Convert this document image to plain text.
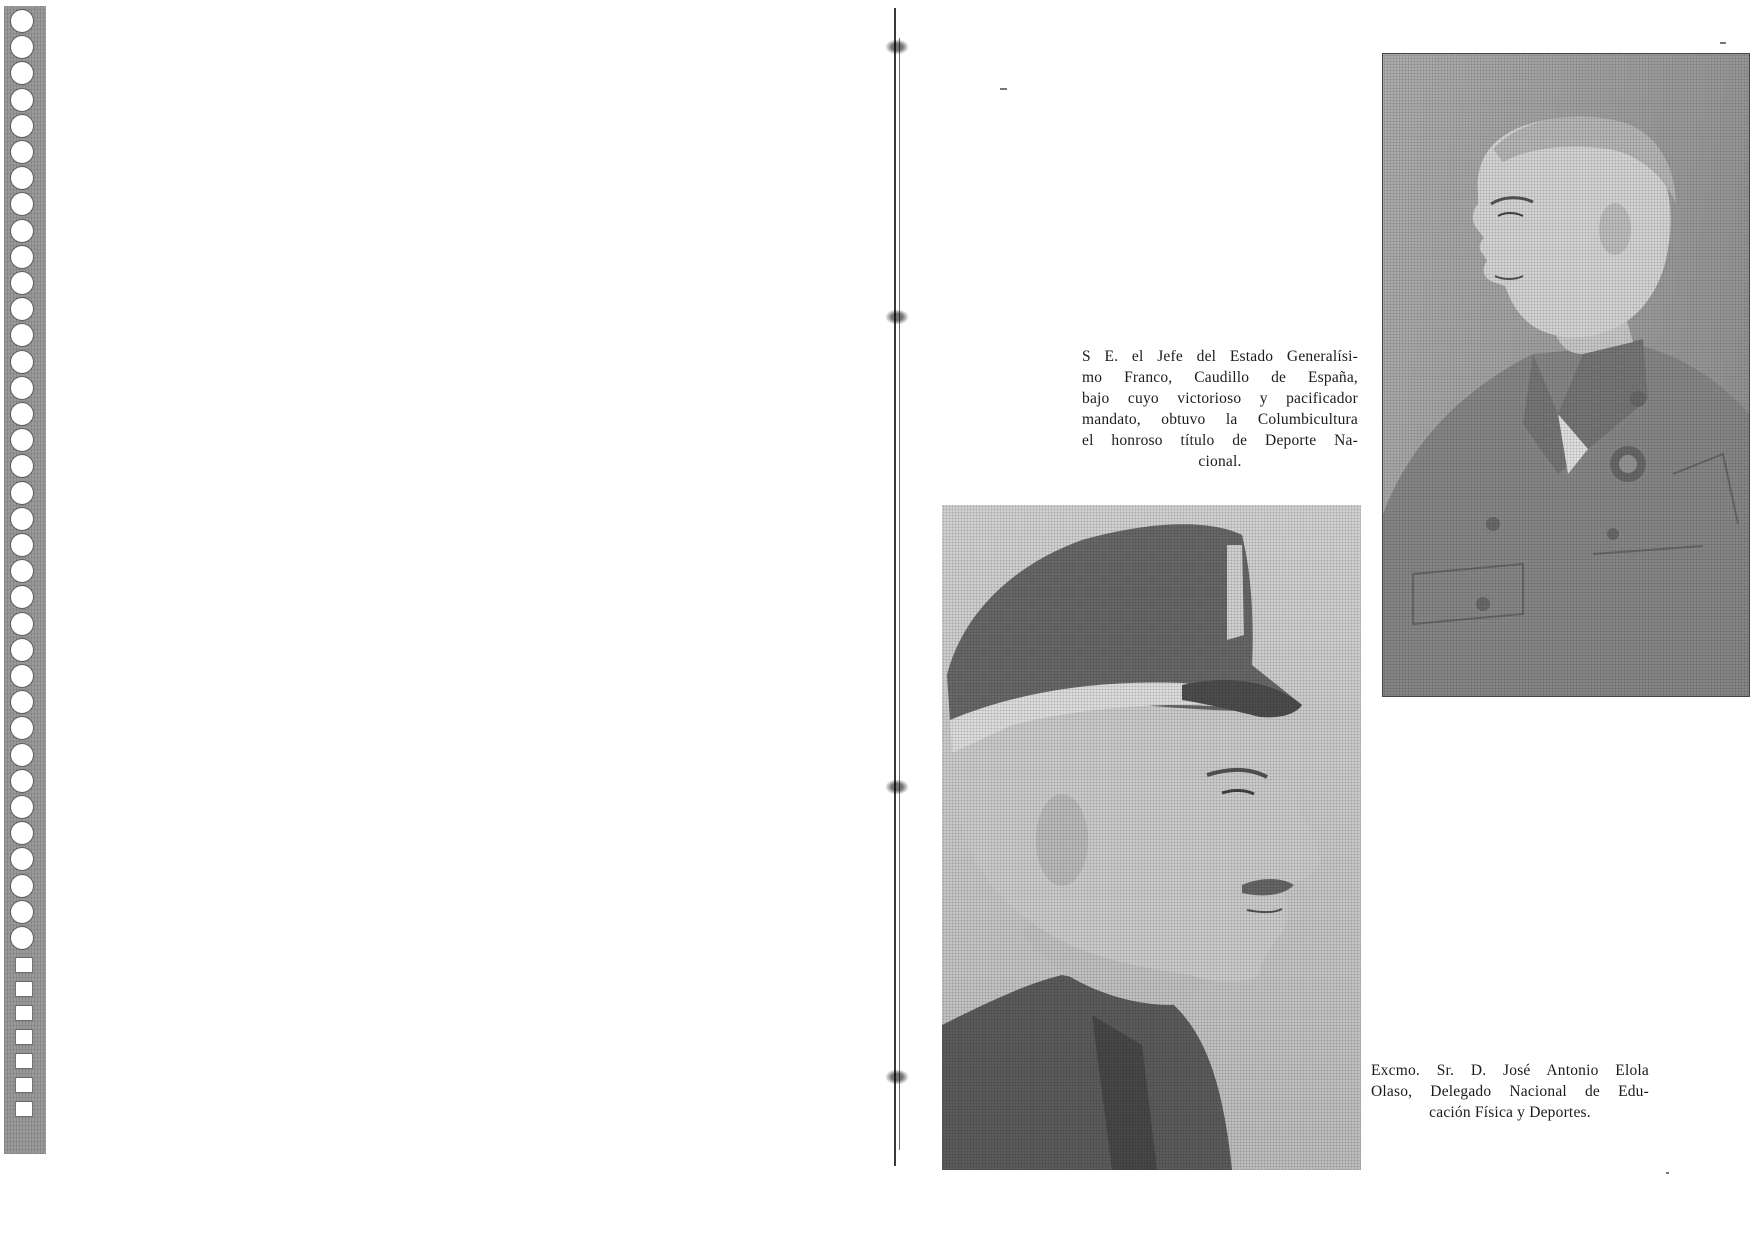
S E. el Jefe del Estado Generalísi-
mo Franco, Caudillo de España,
bajo cuyo victorioso y pacificador
mandato, obtuvo la Columbicultura
el honroso título de Deporte Na-
cional.
Excmo. Sr. D. José Antonio Elola
Olaso, Delegado Nacional de Edu-
cación Física y Deportes.
